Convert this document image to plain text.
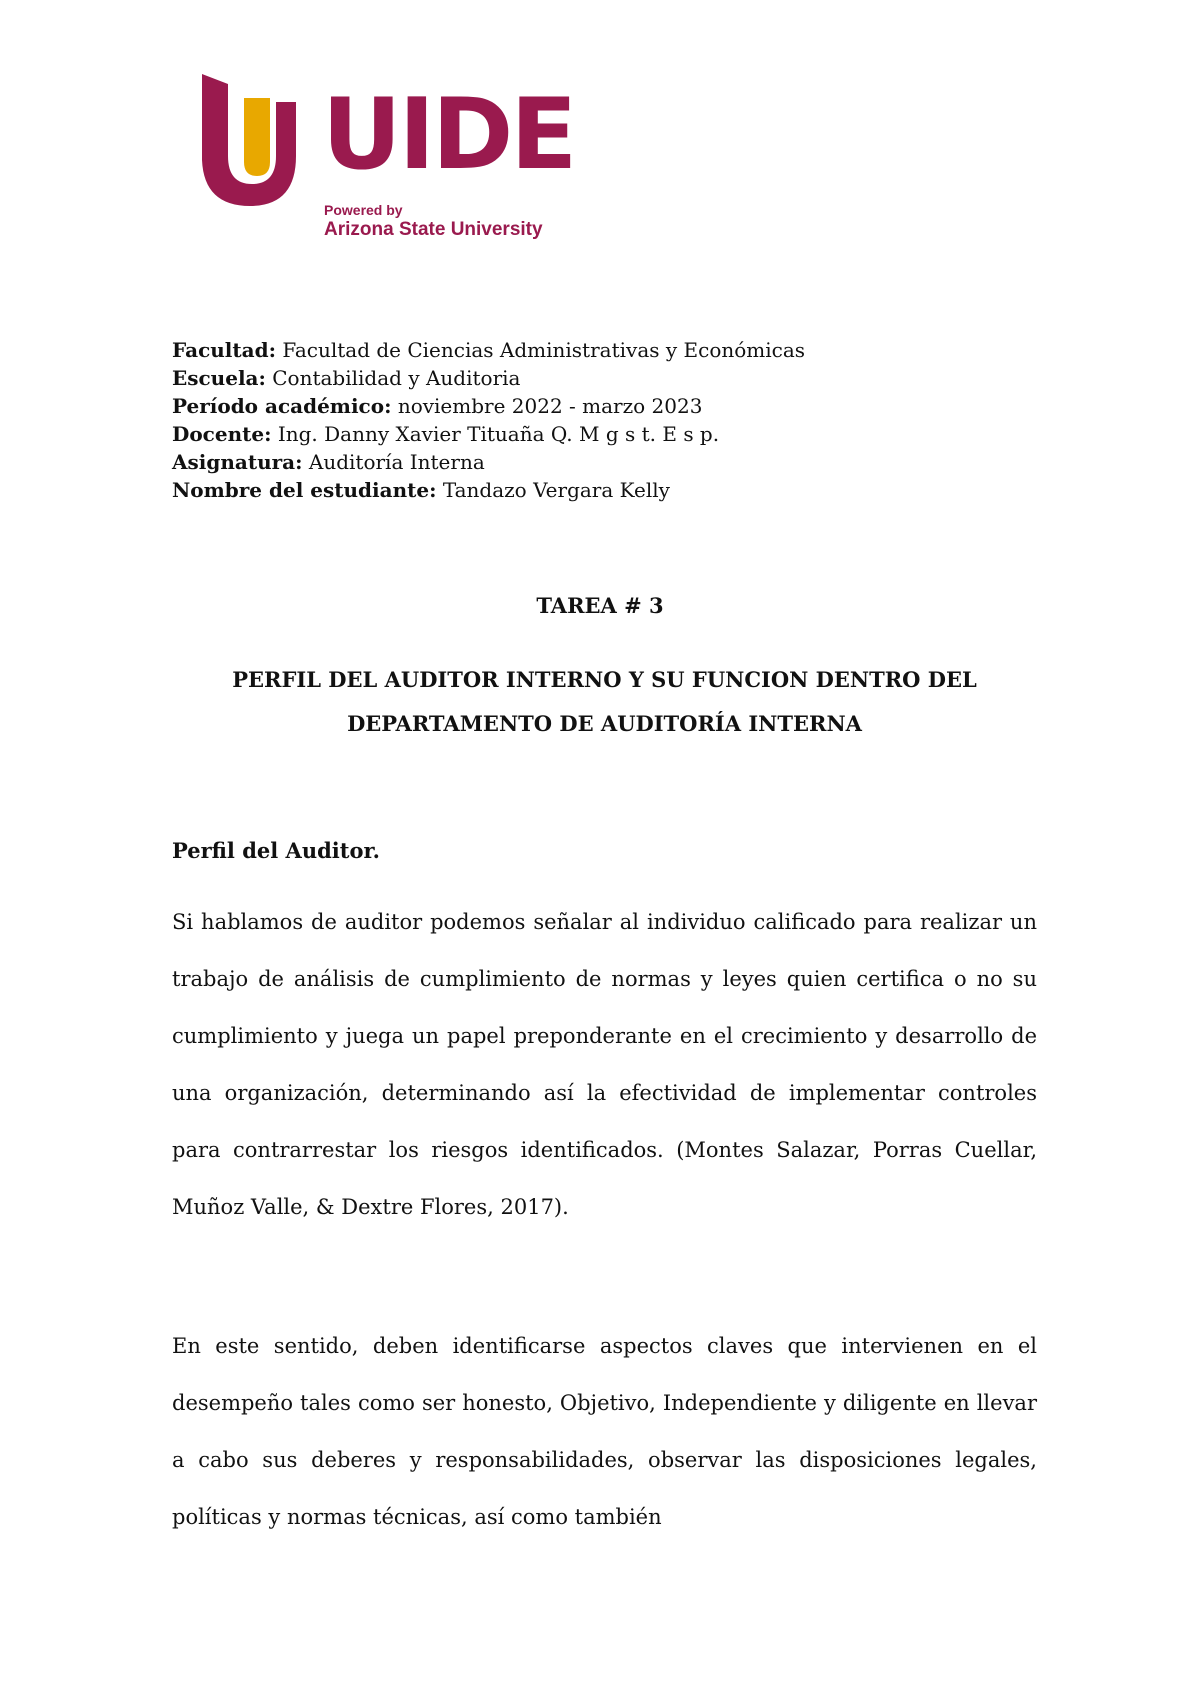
UIDE
Powered by
Arizona State University
Facultad: Facultad de Ciencias Administrativas y Económicas
Escuela: Contabilidad y Auditoria
Período académico: noviembre 2022 - marzo 2023
Docente: Ing. Danny Xavier Tituaña Q. M g s t. E s p.
Asignatura: Auditoría Interna
Nombre del estudiante: Tandazo Vergara Kelly
TAREA # 3
PERFIL DEL AUDITOR INTERNO Y SU FUNCION DENTRO DEL DEPARTAMENTO DE AUDITORÍA INTERNA
Perfil del Auditor.

Si hablamos de auditor podemos señalar al individuo calificado para realizar un trabajo de análisis de cumplimiento de normas y leyes quien certifica o no su cumplimiento y juega un papel preponderante en el crecimiento y desarrollo de una organización, determinando así la efectividad de implementar controles para contrarrestar los riesgos identificados. (Montes Salazar, Porras Cuellar, Muñoz Valle, & Dextre Flores, 2017).

En este sentido, deben identificarse aspectos claves que intervienen en el desempeño tales como ser honesto, Objetivo, Independiente y diligente en llevar a cabo sus deberes y responsabilidades, observar las disposiciones legales, políticas y normas técnicas, así como también
